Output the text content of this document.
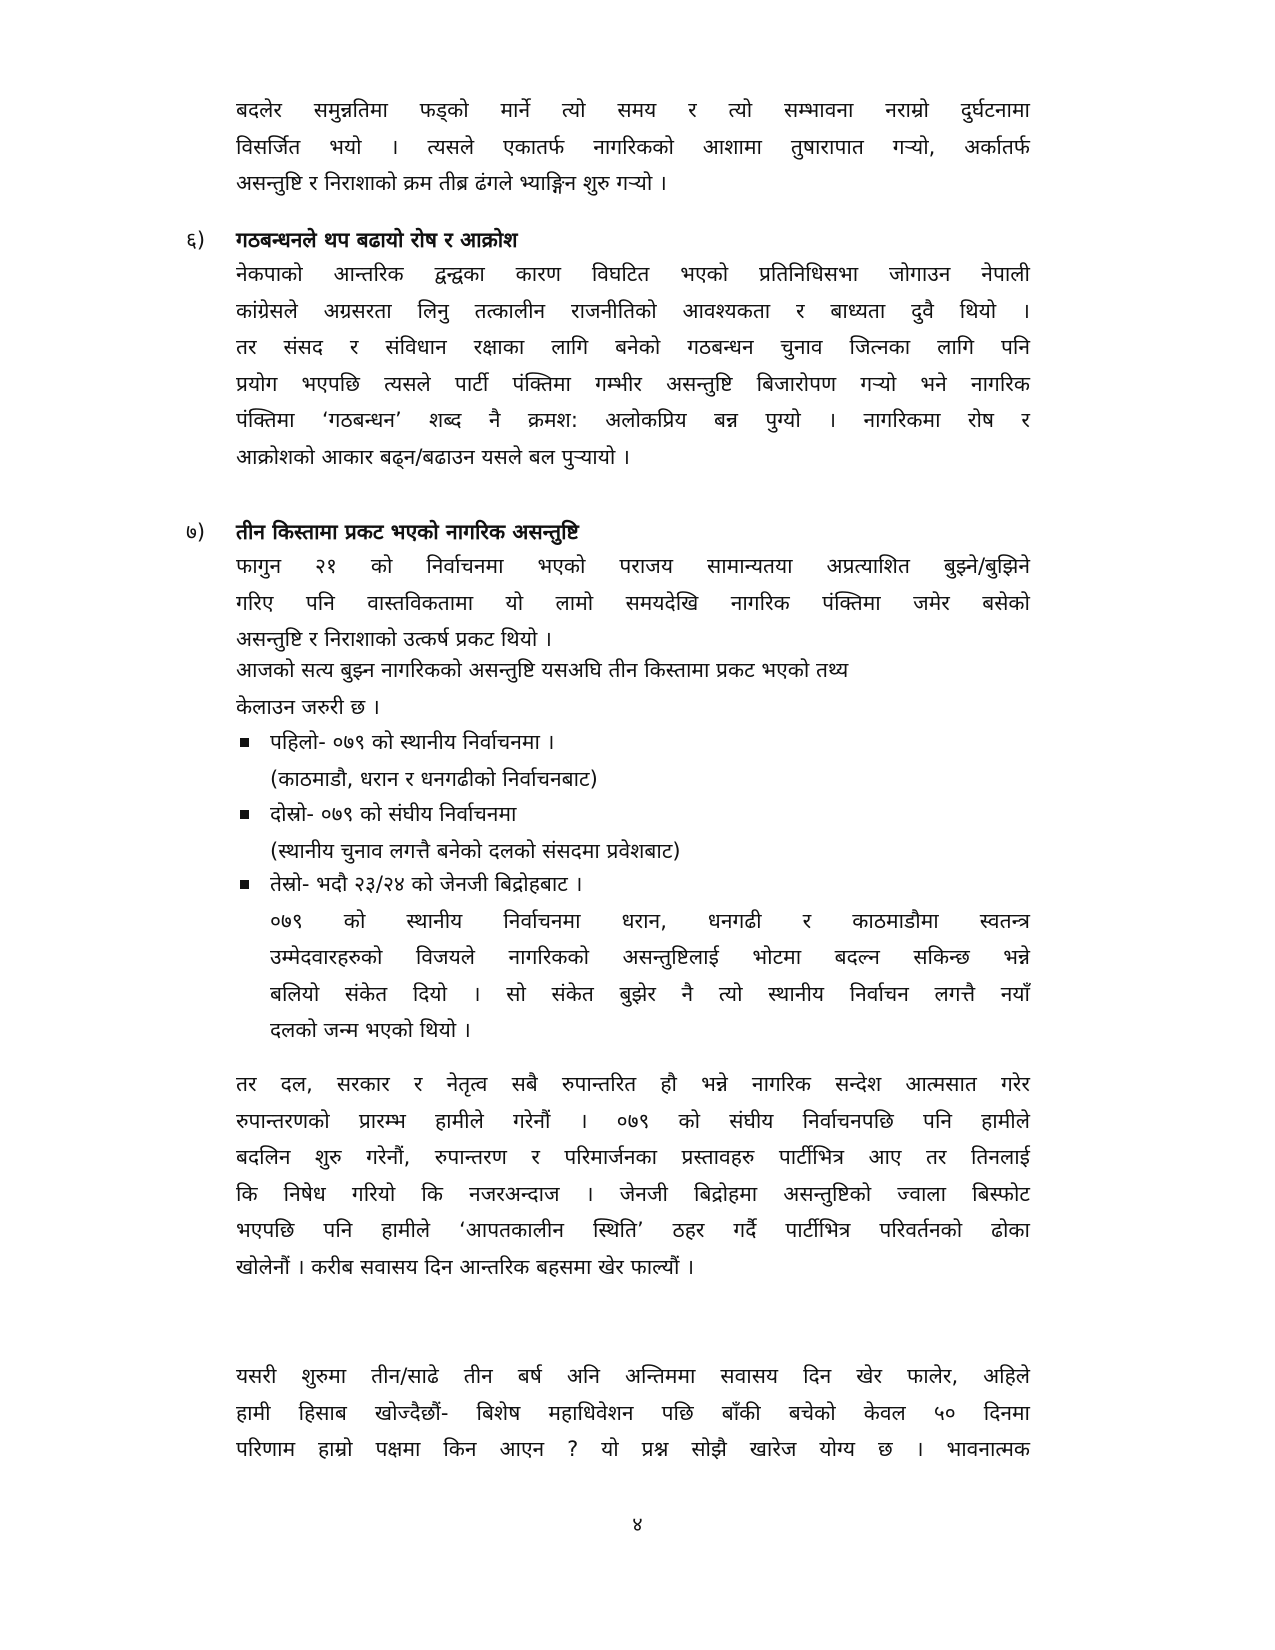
बदलेर समुन्नतिमा फड्को मार्ने त्यो समय र त्यो सम्भावना नराम्रो दुर्घटनामा
विसर्जित भयो । त्यसले एकातर्फ नागरिकको आशामा तुषारापात गऱ्यो, अर्कातर्फ
असन्तुष्टि र निराशाको क्रम तीब्र ढंगले भ्याङ्गिन शुरु गऱ्यो ।
६) गठबन्धनले थप बढायो रोष र आक्रोश
नेकपाको आन्तरिक द्वन्द्वका कारण विघटित भएको प्रतिनिधिसभा जोगाउन नेपाली
कांग्रेसले अग्रसरता लिनु तत्कालीन राजनीतिको आवश्यकता र बाध्यता दुवै थियो ।
तर संसद र संविधान रक्षाका लागि बनेको गठबन्धन चुनाव जित्नका लागि पनि
प्रयोग भएपछि त्यसले पार्टी पंक्तिमा गम्भीर असन्तुष्टि बिजारोपण गऱ्यो भने नागरिक
पंक्तिमा ‘गठबन्धन’ शब्द नै क्रमश: अलोकप्रिय बन्न पुग्यो । नागरिकमा रोष र
आक्रोशको आकार बढ्न/बढाउन यसले बल पुऱ्यायो ।
७) तीन किस्तामा प्रकट भएको नागरिक असन्तुष्टि
फागुन २१ को निर्वाचनमा भएको पराजय सामान्यतया अप्रत्याशित बुझ्ने/बुझिने
गरिए पनि वास्तविकतामा यो लामो समयदेखि नागरिक पंक्तिमा जमेर बसेको
असन्तुष्टि र निराशाको उत्कर्ष प्रकट थियो ।
आजको सत्य बुझ्न नागरिकको असन्तुष्टि यसअघि तीन किस्तामा प्रकट भएको तथ्य
केलाउन जरुरी छ ।
पहिलो- ०७९ को स्थानीय निर्वाचनमा ।
(काठमाडौ, धरान र धनगढीको निर्वाचनबाट)
दोस्रो- ०७९ को संघीय निर्वाचनमा
(स्थानीय चुनाव लगत्तै बनेको दलको संसदमा प्रवेशबाट)
तेस्रो- भदौ २३/२४ को जेनजी बिद्रोहबाट ।
०७९ को स्थानीय निर्वाचनमा धरान, धनगढी र काठमाडौमा स्वतन्त्र
उम्मेदवारहरुको विजयले नागरिकको असन्तुष्टिलाई भोटमा बदल्न सकिन्छ भन्ने
बलियो संकेत दियो । सो संकेत बुझेर नै त्यो स्थानीय निर्वाचन लगत्तै नयाँ
दलको जन्म भएको थियो ।
तर दल, सरकार र नेतृत्व सबै रुपान्तरित हौ भन्ने नागरिक सन्देश आत्मसात गरेर
रुपान्तरणको प्रारम्भ हामीले गरेनौं । ०७९ को संघीय निर्वाचनपछि पनि हामीले
बदलिन शुरु गरेनौं, रुपान्तरण र परिमार्जनका प्रस्तावहरु पार्टीभित्र आए तर तिनलाई
कि निषेध गरियो कि नजरअन्दाज । जेनजी बिद्रोहमा असन्तुष्टिको ज्वाला बिस्फोट
भएपछि पनि हामीले ‘आपतकालीन स्थिति’ ठहर गर्दै पार्टीभित्र परिवर्तनको ढोका
खोलेनौं । करीब सवासय दिन आन्तरिक बहसमा खेर फाल्यौं ।
यसरी शुरुमा तीन/साढे तीन बर्ष अनि अन्तिममा सवासय दिन खेर फालेर, अहिले
हामी हिसाब खोज्दैछौं- बिशेष महाधिवेशन पछि बाँकी बचेको केवल ५० दिनमा
परिणाम हाम्रो पक्षमा किन आएन ? यो प्रश्न सोझै खारेज योग्य छ । भावनात्मक
४
